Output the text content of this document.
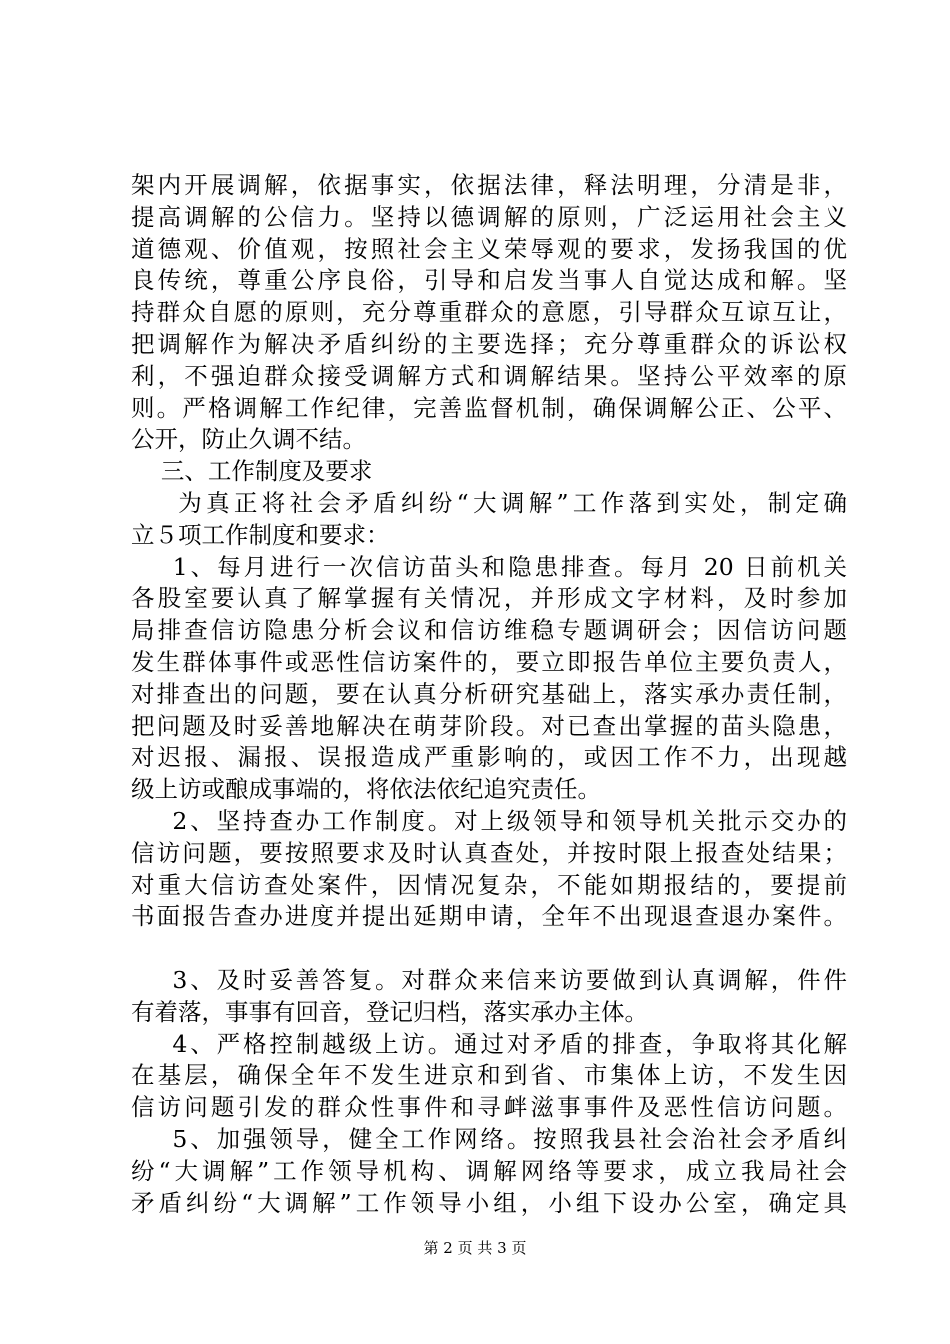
架内开展调解，依据事实，依据法律，释法明理，分清是非，
提高调解的公信力。坚持以德调解的原则，广泛运用社会主义
道德观、价值观，按照社会主义荣辱观的要求，发扬我国的优
良传统，尊重公序良俗，引导和启发当事人自觉达成和解。坚
持群众自愿的原则，充分尊重群众的意愿，引导群众互谅互让，
把调解作为解决矛盾纠纷的主要选择；充分尊重群众的诉讼权
利，不强迫群众接受调解方式和调解结果。坚持公平效率的原
则。严格调解工作纪律，完善监督机制，确保调解公正、公平、
公开，防止久调不结。
三、工作制度及要求
为真正将社会矛盾纠纷“大调解”工作落到实处，制定确
立５项工作制度和要求：
1、每月进行一次信访苗头和隐患排查。每月 20 日前机关
各股室要认真了解掌握有关情况，并形成文字材料，及时参加
局排查信访隐患分析会议和信访维稳专题调研会；因信访问题
发生群体事件或恶性信访案件的，要立即报告单位主要负责人，
对排查出的问题，要在认真分析研究基础上，落实承办责任制，
把问题及时妥善地解决在萌芽阶段。对已查出掌握的苗头隐患，
对迟报、漏报、误报造成严重影响的，或因工作不力，出现越
级上访或酿成事端的，将依法依纪追究责任。
2、坚持查办工作制度。对上级领导和领导机关批示交办的
信访问题，要按照要求及时认真查处，并按时限上报查处结果；
对重大信访查处案件，因情况复杂，不能如期报结的，要提前
书面报告查办进度并提出延期申请，全年不出现退查退办案件。
3、及时妥善答复。对群众来信来访要做到认真调解，件件
有着落，事事有回音，登记归档，落实承办主体。
4、严格控制越级上访。通过对矛盾的排查，争取将其化解
在基层，确保全年不发生进京和到省、市集体上访，不发生因
信访问题引发的群众性事件和寻衅滋事事件及恶性信访问题。
5、加强领导，健全工作网络。按照我县社会治社会矛盾纠
纷“大调解”工作领导机构、调解网络等要求，成立我局社会
矛盾纠纷“大调解”工作领导小组，小组下设办公室，确定具
第 2 页 共 3 页
